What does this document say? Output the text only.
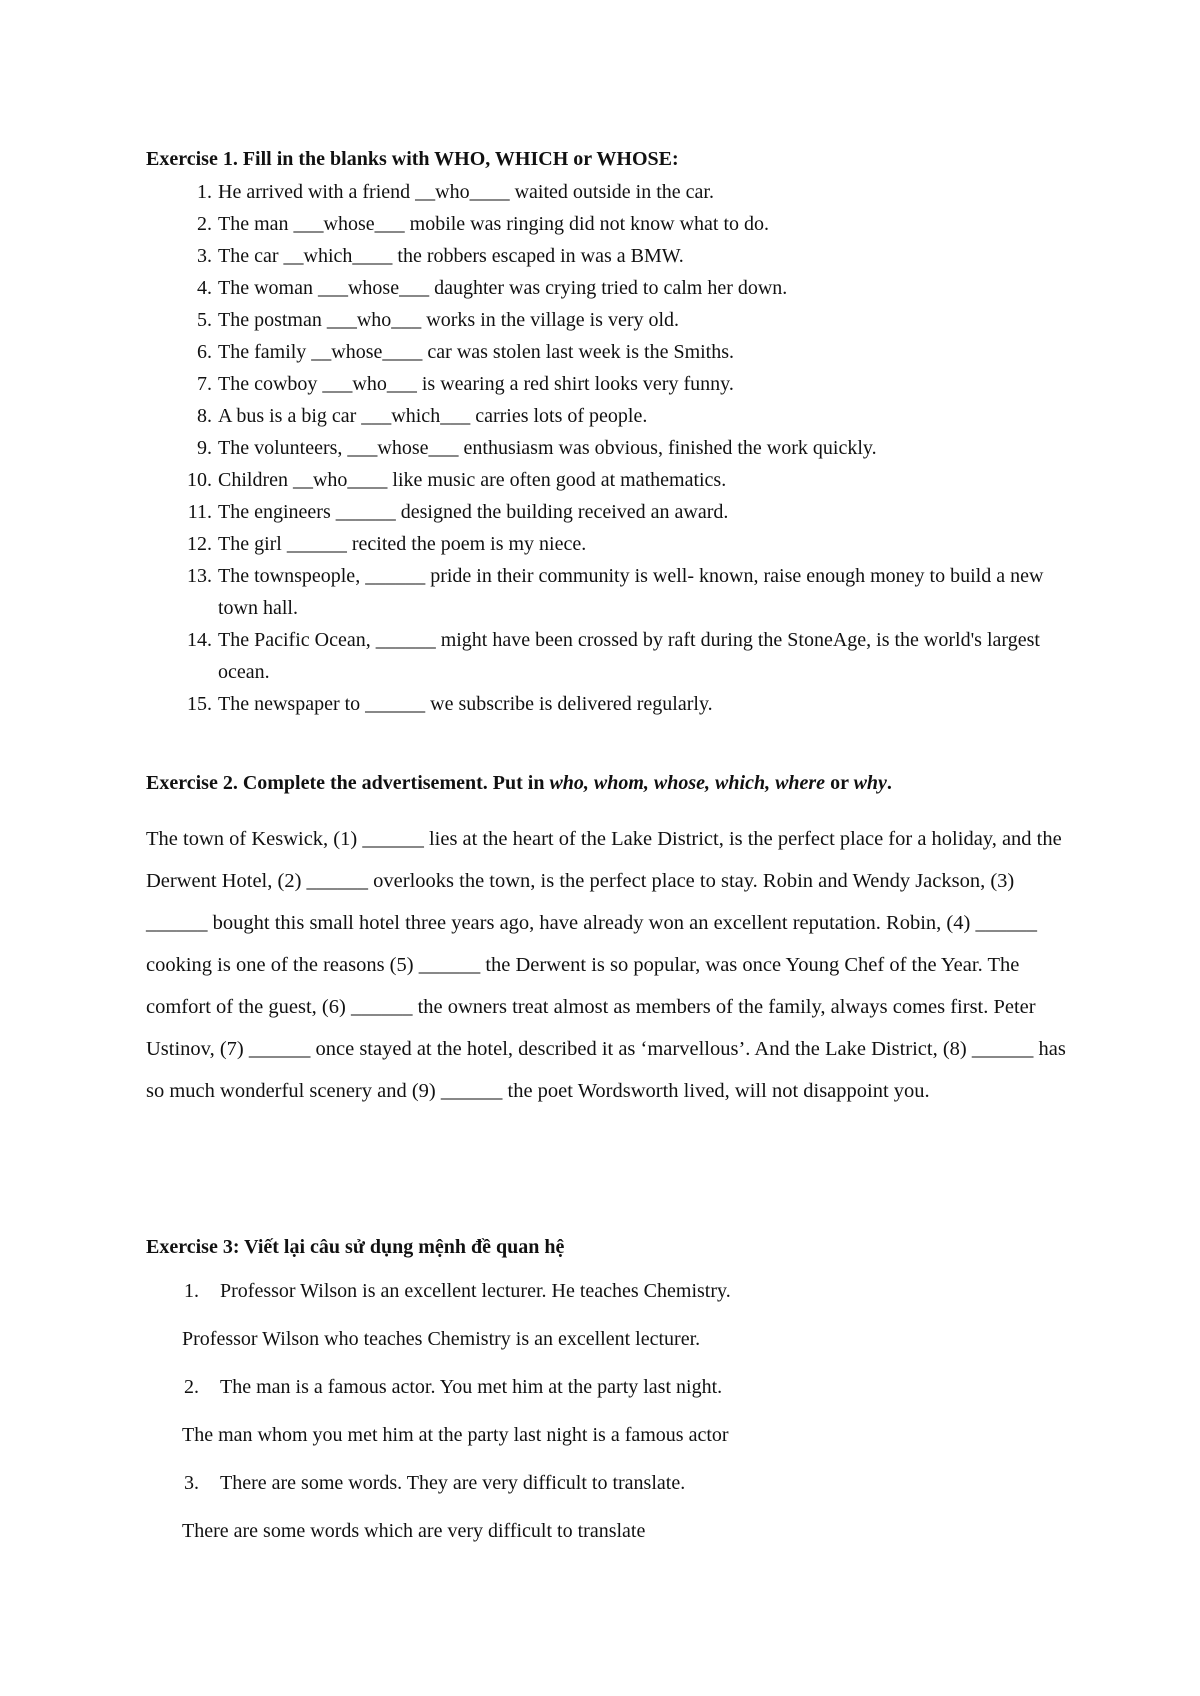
Exercise 1. Fill in the blanks with WHO, WHICH or WHOSE:
1. He arrived with a friend __who____ waited outside in the car.
2. The man ___whose___ mobile was ringing did not know what to do.
3. The car __which____ the robbers escaped in was a BMW.
4. The woman ___whose___ daughter was crying tried to calm her down.
5. The postman ___who___ works in the village is very old.
6. The family __whose____ car was stolen last week is the Smiths.
7. The cowboy ___who___ is wearing a red shirt looks very funny.
8. A bus is a big car ___which___ carries lots of people.
9. The volunteers, ___whose___ enthusiasm was obvious, finished the work quickly.
10. Children __who____ like music are often good at mathematics.
11. The engineers ______ designed the building received an award.
12. The girl ______ recited the poem is my niece.
13. The townspeople, ______ pride in their community is well- known, raise enough money to build a new town hall.
14. The Pacific Ocean, ______ might have been crossed by raft during the StoneAge, is the world's largest ocean.
15. The newspaper to ______ we subscribe is delivered regularly.
Exercise 2. Complete the advertisement. Put in who, whom, whose, which, where or why.

The town of Keswick, (1) ______ lies at the heart of the Lake District, is the perfect place for a holiday, and the Derwent Hotel, (2) ______ overlooks the town, is the perfect place to stay. Robin and Wendy Jackson, (3) ______ bought this small hotel three years ago, have already won an excellent reputation. Robin, (4) ______ cooking is one of the reasons (5) ______ the Derwent is so popular, was once Young Chef of the Year. The comfort of the guest, (6) ______ the owners treat almost as members of the family, always comes first. Peter Ustinov, (7) ______ once stayed at the hotel, described it as ‘marvellous’. And the Lake District, (8) ______ has so much wonderful scenery and (9) ______ the poet Wordsworth lived, will not disappoint you.

Exercise 3: Viết lại câu sử dụng mệnh đề quan hệ
1. Professor Wilson is an excellent lecturer. He teaches Chemistry.
Professor Wilson who teaches Chemistry is an excellent lecturer.
2. The man is a famous actor. You met him at the party last night.
The man whom you met him at the party last night is a famous actor
3. There are some words. They are very difficult to translate.
There are some words which are very difficult to translate
